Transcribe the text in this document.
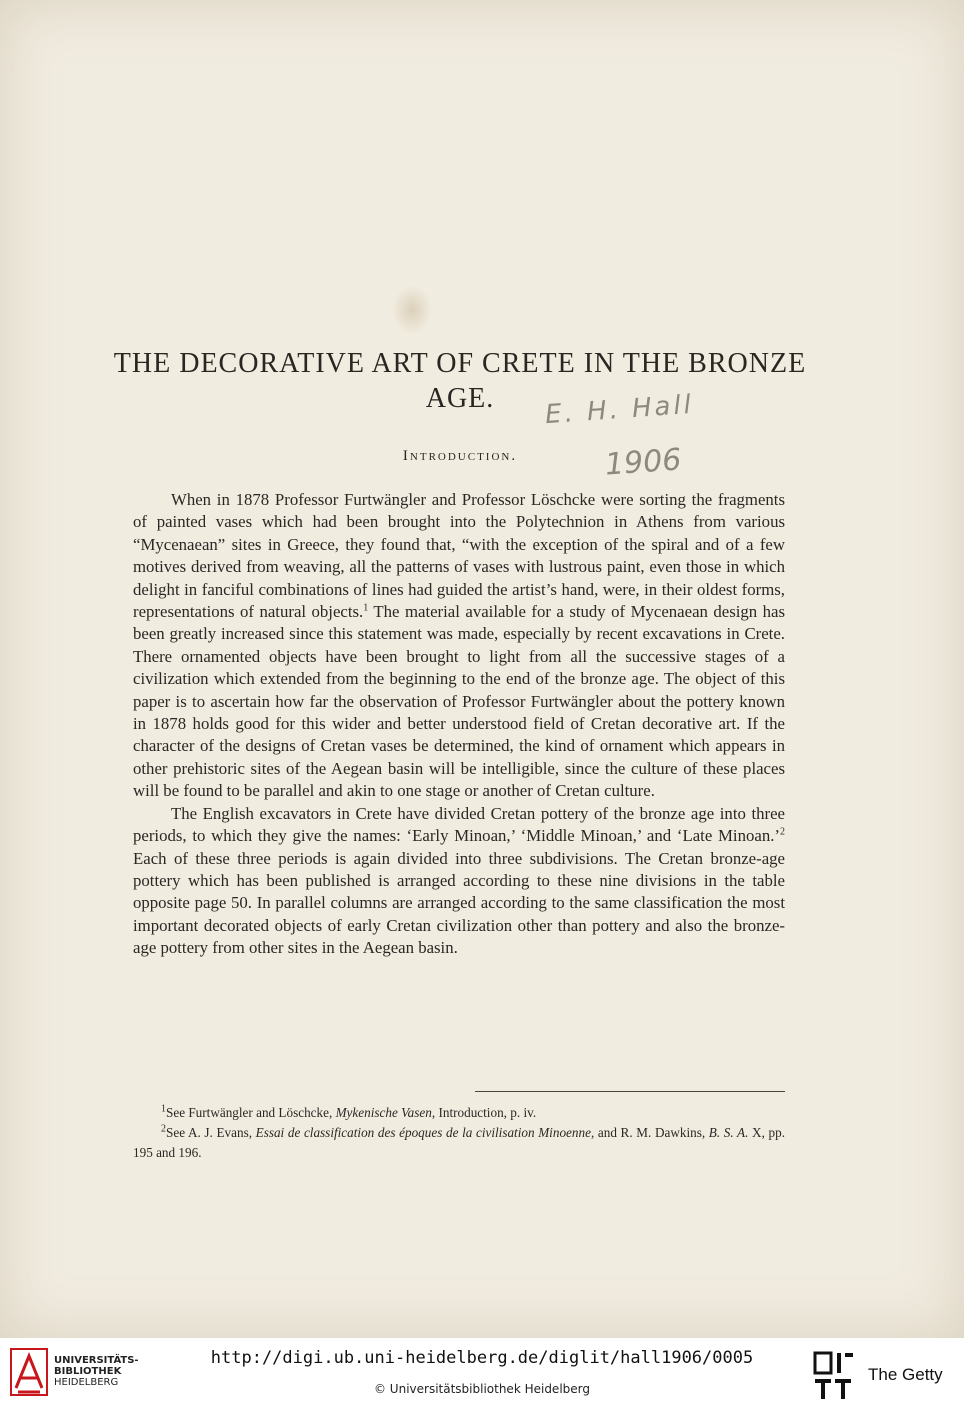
THE DECORATIVE ART OF CRETE IN THE BRONZE AGE.	E. H. Hall
1906
Introduction.

When in 1878 Professor Furtwängler and Professor Löschcke were sorting the fragments of painted vases which had been brought into the Polytechnion in Athens from various “Mycenaean” sites in Greece, they found that, “with the exception of the spiral and of a few motives derived from weaving, all the patterns of vases with lustrous paint, even those in which delight in fanciful combinations of lines had guided the artist’s hand, were, in their oldest forms, representations of natural objects.$^1$ The material available for a study of Mycenaean design has been greatly increased since this statement was made, especially by recent excavations in Crete. There ornamented objects have been brought to light from all the successive stages of a civilization which extended from the beginning to the end of the bronze age. The object of this paper is to ascertain how far the observation of Professor Furtwängler about the pottery known in 1878 holds good for this wider and better understood field of Cretan decorative art. If the character of the designs of Cretan vases be determined, the kind of ornament which appears in other prehistoric sites of the Aegean basin will be intelligible, since the culture of these places will be found to be parallel and akin to one stage or another of Cretan culture.

The English excavators in Crete have divided Cretan pottery of the bronze age into three periods, to which they give the names: ‘Early Minoan,’ ‘Middle Minoan,’ and ‘Late Minoan.’$^2$ Each of these three periods is again divided into three subdivisions. The Cretan bronze-age pottery which has been published is arranged according to these nine divisions in the table opposite page 50. In parallel columns are arranged according to the same classification the most important decorated objects of early Cretan civilization other than pottery and also the bronze-age pottery from other sites in the Aegean basin.

$^1$See Furtwängler and Löschcke, Mykenische Vasen, Introduction, p. iv.

$^2$See A. J. Evans, Essai de classification des époques de la civilisation Minoenne, and R. M. Dawkins, B. S. A. X, pp. 195 and 196.

UNIVERSITÄTS-
BIBLIOTHEK
HEIDELBERG
http://digi.ub.uni-heidelberg.de/diglit/hall1906/0005
© Universitätsbibliothek Heidelberg
The Getty
